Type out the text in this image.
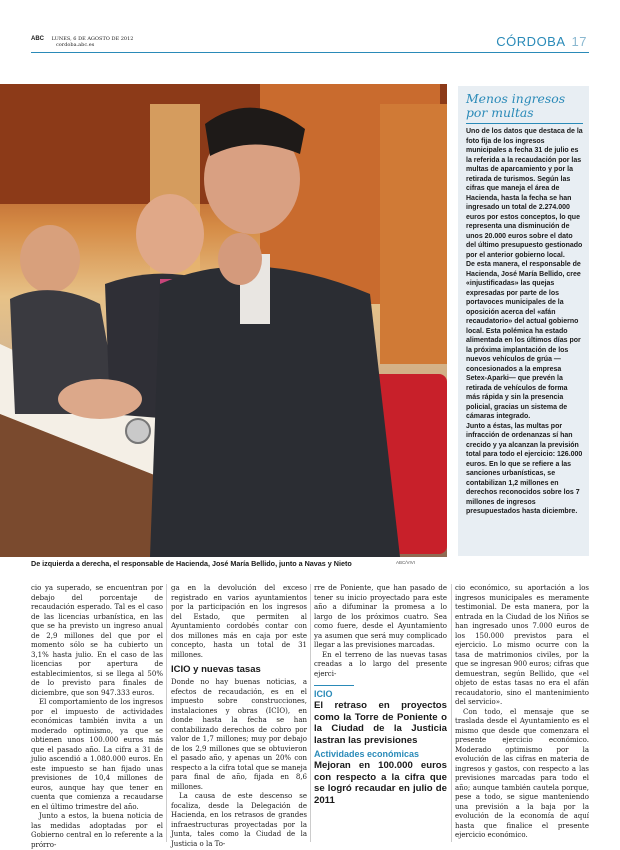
ABC LUNES, 6 DE AGOSTO DE 2012
cordoba.abc.es	CÓRDOBA 17
De izquierda a derecha, el responsable de Hacienda, José María Bellido, junto a Navas y Nieto	ABC/VIVI
Menos ingresos por multas

Uno de los datos que destaca de la foto fija de los ingresos municipales a fecha 31 de julio es la referida a la recaudación por las multas de aparcamiento y por la retirada de turismos. Según las cifras que maneja el área de Hacienda, hasta la fecha se han ingresado un total de 2.274.000 euros por estos conceptos, lo que representa una disminución de unos 20.000 euros sobre el dato del último presupuesto gestionado por el anterior gobierno local.

De esta manera, el responsable de Hacienda, José María Bellido, cree «injustificadas» las quejas expresadas por parte de los portavoces municipales de la oposición acerca del «afán recaudatorio» del actual gobierno local. Esta polémica ha estado alimentada en los últimos días por la próxima implantación de los nuevos vehículos de grúa —concesionados a la empresa Setex-Aparki— que prevén la retirada de vehículos de forma más rápida y sin la presencia policial, gracias un sistema de cámaras integrado.

Junto a éstas, las multas por infracción de ordenanzas sí han crecido y ya alcanzan la previsión total para todo el ejercicio: 126.000 euros. En lo que se refiere a las sanciones urbanísticas, se contabilizan 1,2 millones en derechos reconocidos sobre los 7 millones de ingresos presupuestados hasta diciembre.

cio ya superado, se encuentran por debajo del porcentaje de recaudación esperado. Tal es el caso de las licencias urbanística, en las que se ha previsto un ingreso anual de 2,9 millones del que por el momento sólo se ha cubierto un 3,1% hasta julio. En el caso de las licencias por apertura de establecimientos, si se llega al 50% de lo previsto para finales de diciembre, que son 947.333 euros.

El comportamiento de los ingresos por el impuesto de actividades económicas también invita a un moderado optimismo, ya que se obtienen unos 100.000 euros más que el pasado año. La cifra a 31 de julio ascendió a 1.080.000 euros. En este impuesto se han fijado unas previsiones de 10,4 millones de euros, aunque hay que tener en cuenta que comienza a recaudarse en el último trimestre del año.

Junto a estos, la buena noticia de las medidas adoptadas por el Gobierno central en lo referente a la prórro-

ga en la devolución del exceso registrado en varios ayuntamientos por la participación en los ingresos del Estado, que permiten al Ayuntamiento cordobés contar con dos millones más en caja por este concepto, hasta un total de 31 millones.

ICIO y nuevas tasas

Donde no hay buenas noticias, a efectos de recaudación, es en el impuesto sobre construcciones, instalaciones y obras (ICIO), en donde hasta la fecha se han contabilizado derechos de cobro por valor de 1,7 millones; muy por debajo de los 2,9 millones que se obtuvieron el pasado año, y apenas un 20% con respecto a la cifra total que se maneja para final de año, fijada en 8,6 millones.

La causa de este descenso se focaliza, desde la Delegación de Hacienda, en los retrasos de grandes infraestructuras proyectadas por la Junta, tales como la Ciudad de la Justicia o la To-

rre de Poniente, que han pasado de tener su inicio proyectado para este año a difuminar la promesa a lo largo de los próximos cuatro. Sea como fuere, desde el Ayuntamiento ya asumen que será muy complicado llegar a las previsiones marcadas.

En el terreno de las nuevas tasas creadas a lo largo del presente ejerci-

ICIO
El retraso en proyectos como la Torre de Poniente o la Ciudad de la Justicia lastran las previsiones
Actividades económicas
Mejoran en 100.000 euros con respecto a la cifra que se logró recaudar en julio de 2011

cio económico, su aportación a los ingresos municipales es meramente testimonial. De esta manera, por la entrada en la Ciudad de los Niños se han ingresado unos 7.000 euros de los 150.000 previstos para el ejercicio. Lo mismo ocurre con la tasa de matrimonios civiles, por la que se ingresan 900 euros; cifras que demuestran, según Bellido, que «el objeto de estas tasas no era el afán recaudatorio, sino el mantenimiento del servicio».

Con todo, el mensaje que se traslada desde el Ayuntamiento es el mismo que desde que comenzara el presente ejercicio económico. Moderado optimismo por la evolución de las cifras en materia de ingresos y gastos, con respecto a las previsiones marcadas para todo el año; aunque también cautela porque, pese a todo, se sigue manteniendo una previsión a la baja por la evolución de la economía de aquí hasta que finalice el presente ejercicio económico.
